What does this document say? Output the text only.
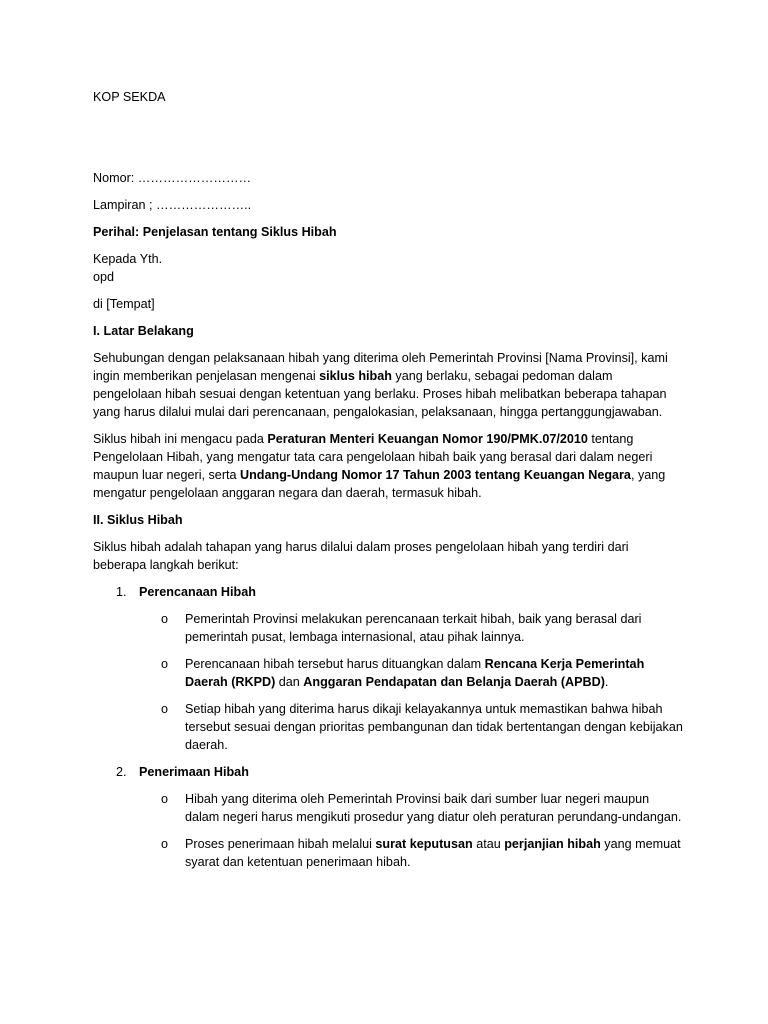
KOP SEKDA

Nomor: ………………………

Lampiran ; …………………..

Perihal: Penjelasan tentang Siklus Hibah

Kepada Yth.

opd

di [Tempat]

I. Latar Belakang

Sehubungan dengan pelaksanaan hibah yang diterima oleh Pemerintah Provinsi [Nama Provinsi], kami ingin memberikan penjelasan mengenai siklus hibah yang berlaku, sebagai pedoman dalam pengelolaan hibah sesuai dengan ketentuan yang berlaku. Proses hibah melibatkan beberapa tahapan yang harus dilalui mulai dari perencanaan, pengalokasian, pelaksanaan, hingga pertanggungjawaban.

Siklus hibah ini mengacu pada Peraturan Menteri Keuangan Nomor 190/PMK.07/2010 tentang Pengelolaan Hibah, yang mengatur tata cara pengelolaan hibah baik yang berasal dari dalam negeri maupun luar negeri, serta Undang-Undang Nomor 17 Tahun 2003 tentang Keuangan Negara, yang mengatur pengelolaan anggaran negara dan daerah, termasuk hibah.

II. Siklus Hibah

Siklus hibah adalah tahapan yang harus dilalui dalam proses pengelolaan hibah yang terdiri dari beberapa langkah berikut:

1. Perencanaan Hibah
o Pemerintah Provinsi melakukan perencanaan terkait hibah, baik yang berasal dari pemerintah pusat, lembaga internasional, atau pihak lainnya.
o Perencanaan hibah tersebut harus dituangkan dalam Rencana Kerja Pemerintah Daerah (RKPD) dan Anggaran Pendapatan dan Belanja Daerah (APBD).
o Setiap hibah yang diterima harus dikaji kelayakannya untuk memastikan bahwa hibah tersebut sesuai dengan prioritas pembangunan dan tidak bertentangan dengan kebijakan daerah.
2. Penerimaan Hibah
o Hibah yang diterima oleh Pemerintah Provinsi baik dari sumber luar negeri maupun dalam negeri harus mengikuti prosedur yang diatur oleh peraturan perundang-undangan.
o Proses penerimaan hibah melalui surat keputusan atau perjanjian hibah yang memuat syarat dan ketentuan penerimaan hibah.
